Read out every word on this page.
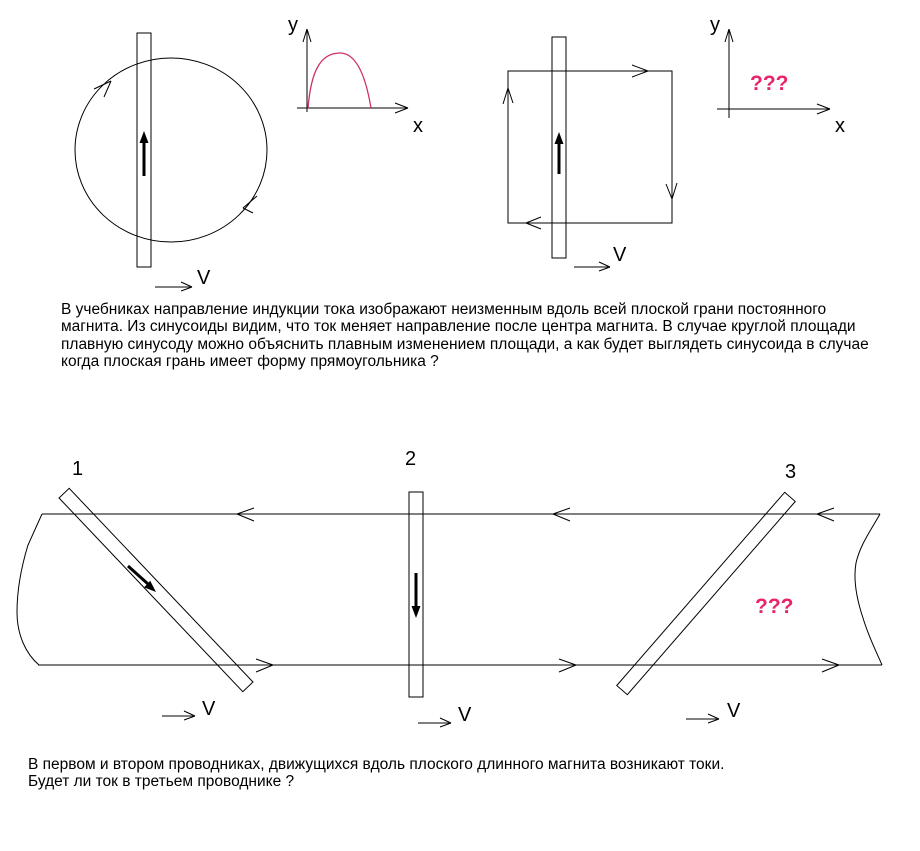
V
y
x
V
y
x
???
1	2
3
V	V	V
???
В учебниках направление индукции тока изображают неизменным вдоль всей плоской грани постоянного
магнита. Из синусоиды видим, что ток меняет направление после центра магнита. В случае круглой площади
плавную синусоду можно объяснить плавным изменением площади, а как будет выглядеть синусоида в случае
когда плоская грань имеет форму прямоугольника ?
В первом и втором проводниках, движущихся вдоль плоского длинного магнита возникают токи.
Будет ли ток в третьем проводнике ?
